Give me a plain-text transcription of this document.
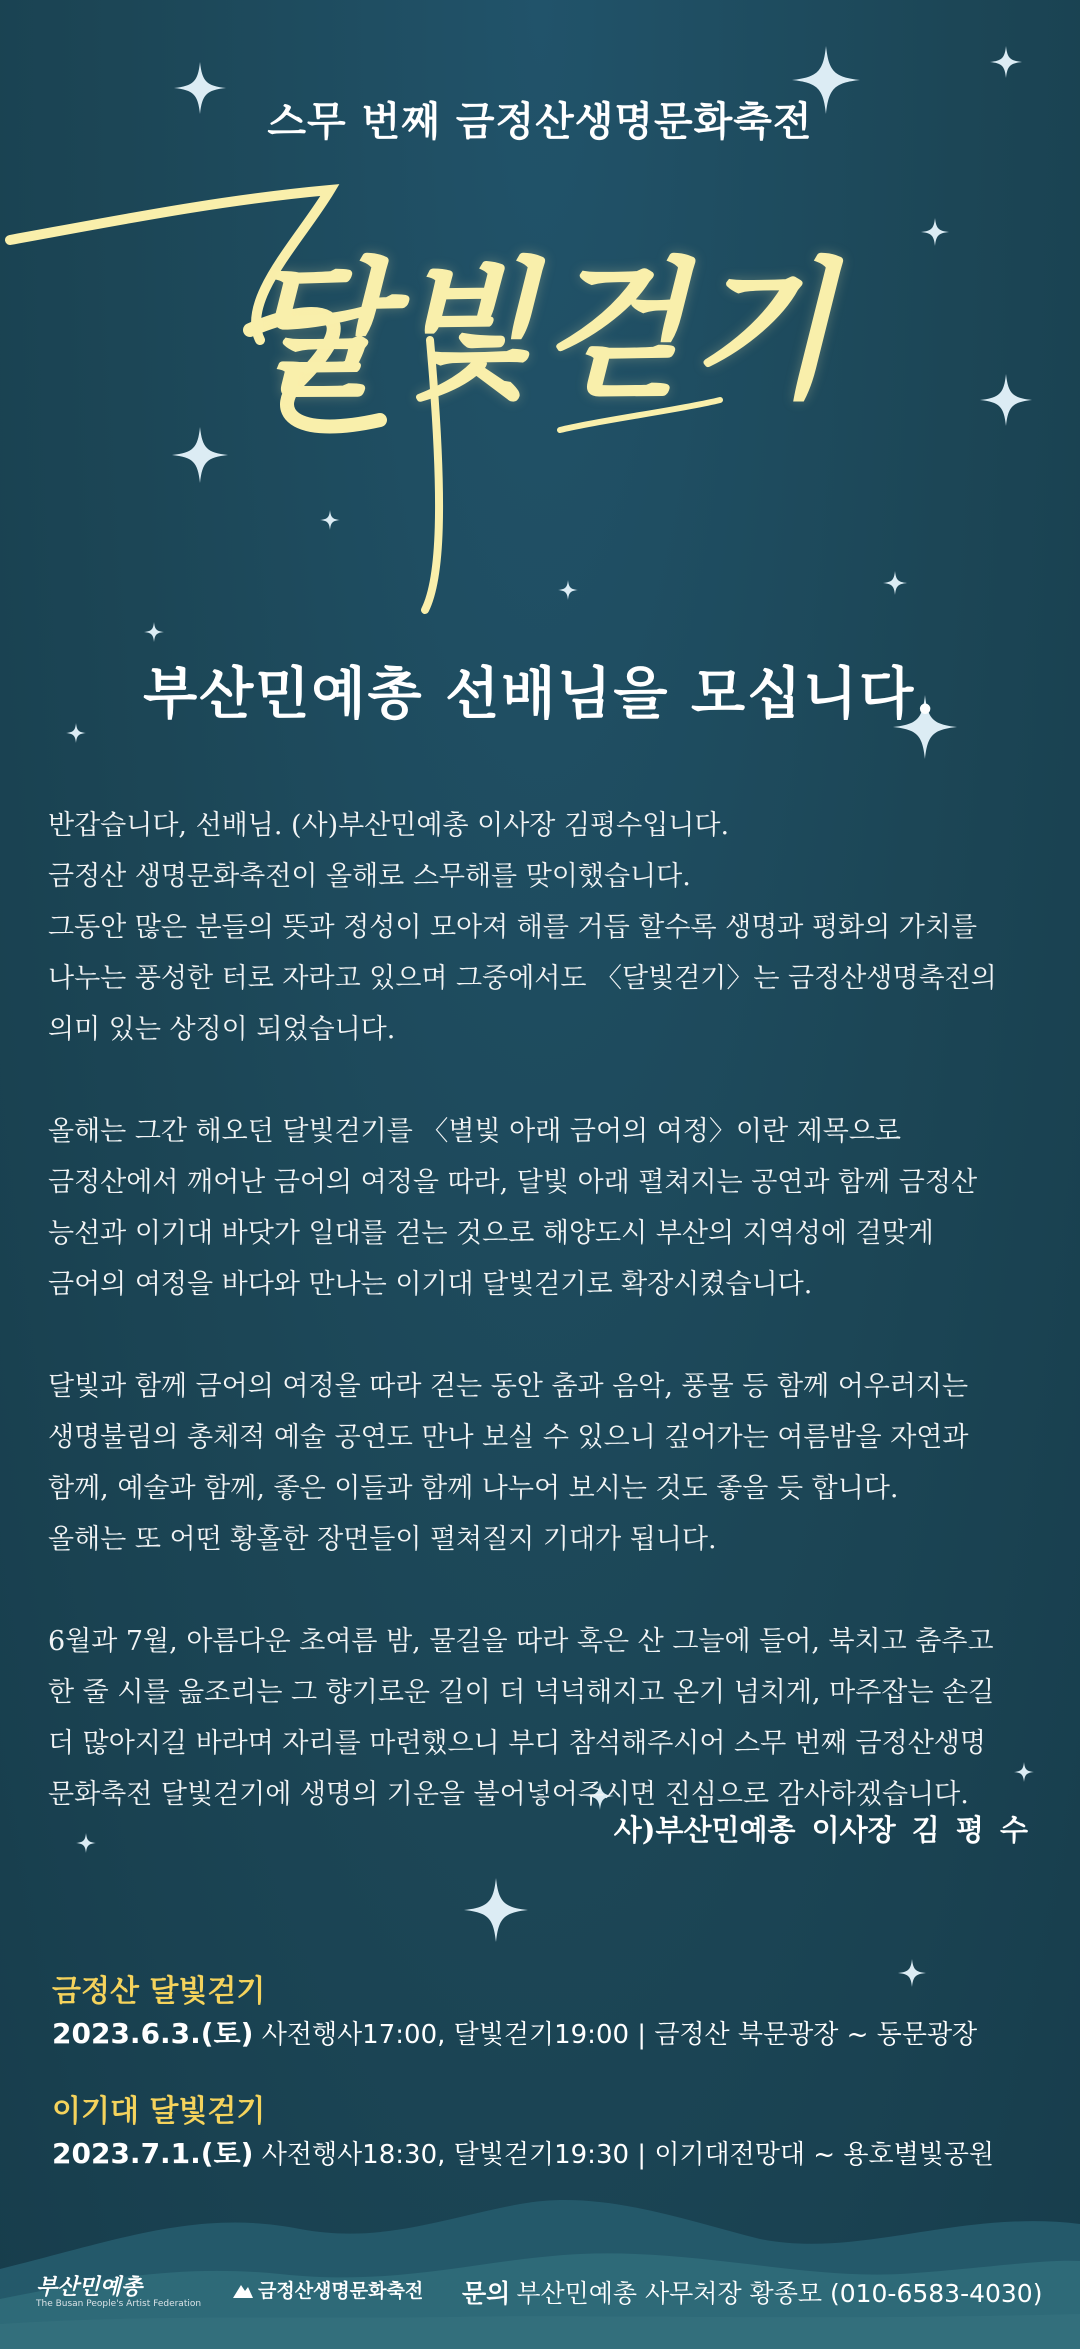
스무 번째 금정산생명문화축전
달빛걷기
부산민예총 선배님을 모십니다.

반갑습니다, 선배님. (사)부산민예총 이사장 김평수입니다.
금정산 생명문화축전이 올해로 스무해를 맞이했습니다.
그동안 많은 분들의 뜻과 정성이 모아져 해를 거듭 할수록 생명과 평화의 가치를
나누는 풍성한 터로 자라고 있으며 그중에서도 〈달빛걷기〉는 금정산생명축전의
의미 있는 상징이 되었습니다.

올해는 그간 해오던 달빛걷기를 〈별빛 아래 금어의 여정〉이란 제목으로
금정산에서 깨어난 금어의 여정을 따라, 달빛 아래 펼쳐지는 공연과 함께 금정산
능선과 이기대 바닷가 일대를 걷는 것으로 해양도시 부산의 지역성에 걸맞게
금어의 여정을 바다와 만나는 이기대 달빛걷기로 확장시켰습니다.

달빛과 함께 금어의 여정을 따라 걷는 동안 춤과 음악, 풍물 등 함께 어우러지는
생명불림의 총체적 예술 공연도 만나 보실 수 있으니 깊어가는 여름밤을 자연과
함께, 예술과 함께, 좋은 이들과 함께 나누어 보시는 것도 좋을 듯 합니다.
올해는 또 어떤 황홀한 장면들이 펼쳐질지 기대가 됩니다.

6월과 7월, 아름다운 초여름 밤, 물길을 따라 혹은 산 그늘에 들어, 북치고 춤추고
한 줄 시를 읊조리는 그 향기로운 길이 더 넉넉해지고 온기 넘치게, 마주잡는 손길
더 많아지길 바라며 자리를 마련했으니 부디 참석해주시어 스무 번째 금정산생명
문화축전 달빛걷기에 생명의 기운을 불어넣어주시면 진심으로 감사하겠습니다.

사)부산민예총 이사장 김 평 수
금정산 달빛걷기
2023.6.3.(토) 사전행사17:00, 달빛걷기19:00 | 금정산 북문광장 ~ 동문광장
이기대 달빛걷기
2023.7.1.(토) 사전행사18:30, 달빛걷기19:30 | 이기대전망대 ~ 용호별빛공원
부산민예총
The Busan People's Artist Federation
금정산생명문화축전 문의 부산민예총 사무처장 황종모 (010-6583-4030)
